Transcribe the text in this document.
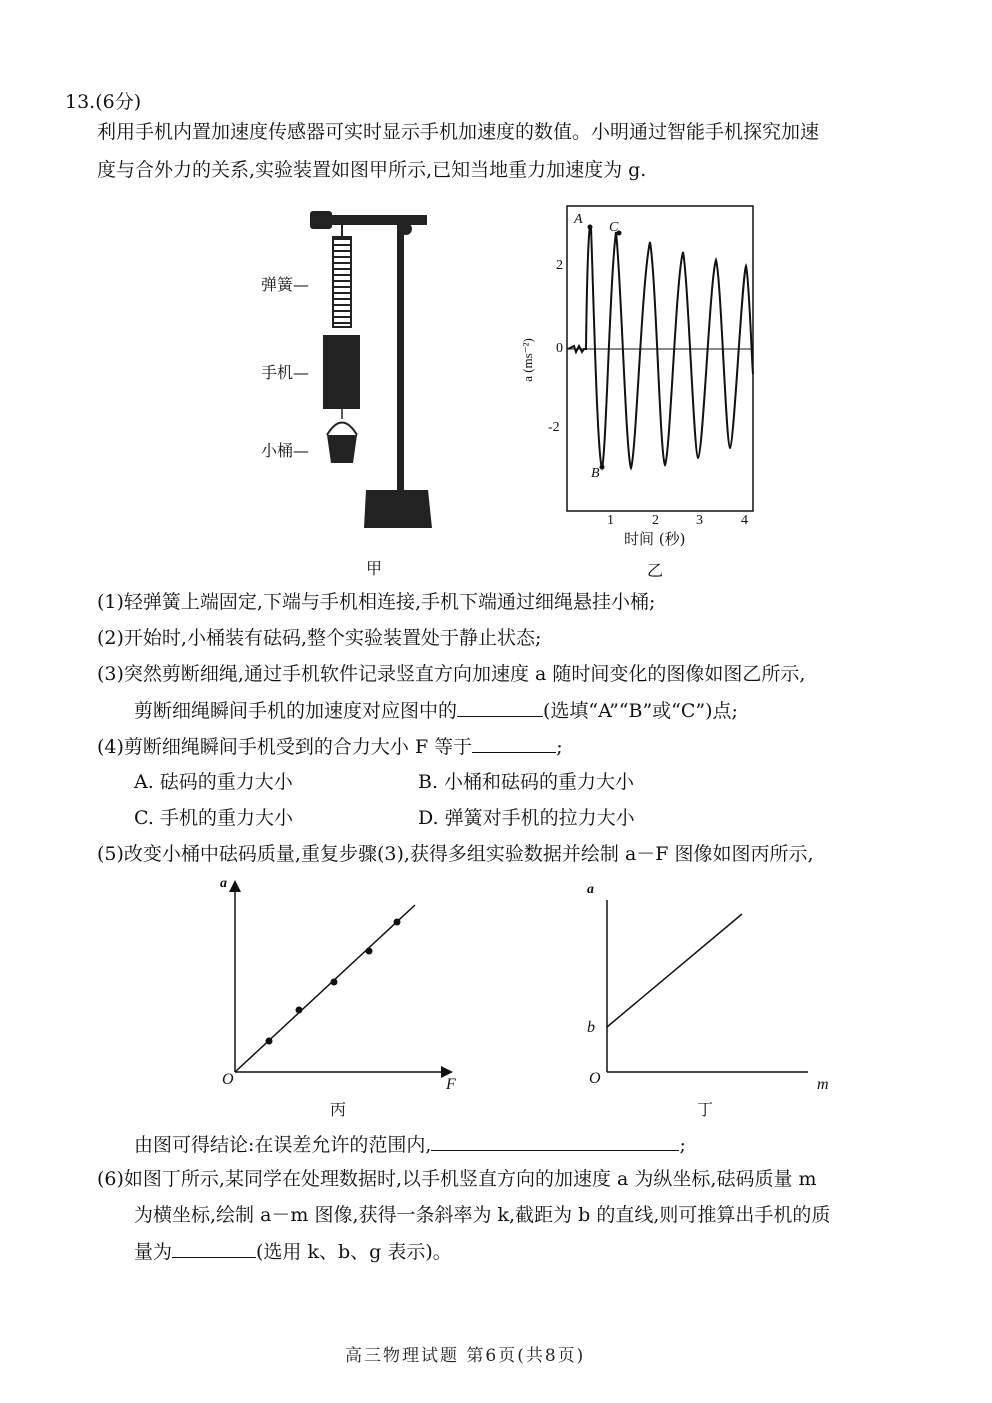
13.(6分)
利用手机内置加速度传感器可实时显示手机加速度的数值。小明通过智能手机探究加速
度与合外力的关系,实验装置如图甲所示,已知当地重力加速度为 g.
弹簧—
手机—
小桶—
甲
A
C
B
2
0
-2
a (ms⁻²)
1	2	3	4
时间 (秒)
乙
(1)轻弹簧上端固定,下端与手机相连接,手机下端通过细绳悬挂小桶;
(2)开始时,小桶装有砝码,整个实验装置处于静止状态;
(3)突然剪断细绳,通过手机软件记录竖直方向加速度 a 随时间变化的图像如图乙所示,
剪断细绳瞬间手机的加速度对应图中的	(选填“A”“B”或“C”)点;
(4)剪断细绳瞬间手机受到的合力大小 F 等于	;
A. 砝码的重力大小	B. 小桶和砝码的重力大小
C. 手机的重力大小	D. 弹簧对手机的拉力大小
(5)改变小桶中砝码质量,重复步骤(3),获得多组实验数据并绘制 a－F 图像如图丙所示,
a
O	F
丙
a
b
O	m
丁
由图可得结论:在误差允许的范围内,	;
(6)如图丁所示,某同学在处理数据时,以手机竖直方向的加速度 a 为纵坐标,砝码质量 m
为横坐标,绘制 a－m 图像,获得一条斜率为 k,截距为 b 的直线,则可推算出手机的质
量为	(选用 k、b、g 表示)。
高三物理试题 第6页(共8页)
